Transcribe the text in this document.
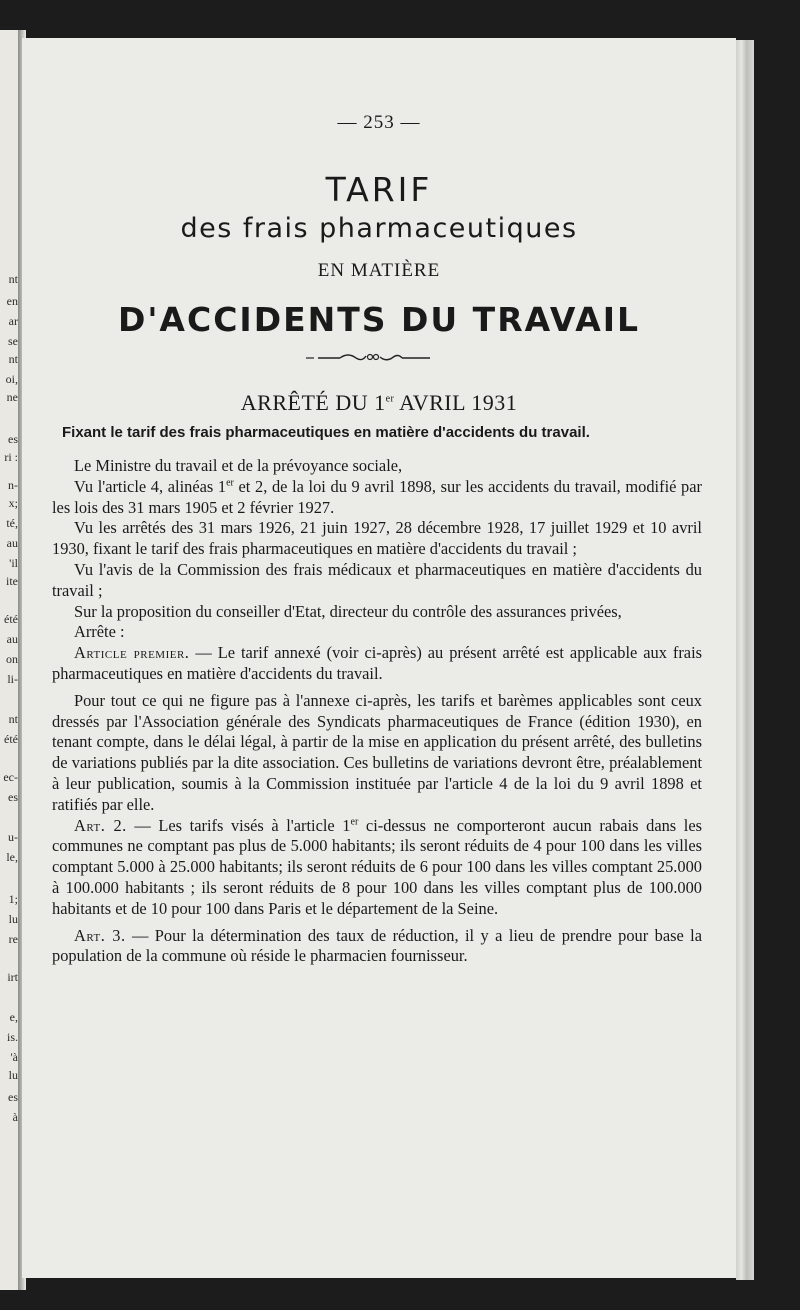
nt
en
ar
se
nt
oi,
ne
es
ri :
n-
x;
té,
au
'il
ite
été
au
on
li-
nt
été
ec-
es
u-
le,
1;
lu
re
irt
e,
is.
'à
lu
es
à
— 253 —
TARIF
des frais pharmaceutiques
EN MATIÈRE
D'ACCIDENTS DU TRAVAIL
ARRÊTÉ DU 1er AVRIL 1931
Fixant le tarif des frais pharmaceutiques en matière d'accidents du travail.

Le Ministre du travail et de la prévoyance sociale,

Vu l'article 4, alinéas 1er et 2, de la loi du 9 avril 1898, sur les accidents du travail, modifié par les lois des 31 mars 1905 et 2 février 1927.

Vu les arrêtés des 31 mars 1926, 21 juin 1927, 28 décembre 1928, 17 juillet 1929 et 10 avril 1930, fixant le tarif des frais pharmaceutiques en matière d'accidents du travail ;

Vu l'avis de la Commission des frais médicaux et pharmaceutiques en matière d'accidents du travail ;

Sur la proposition du conseiller d'Etat, directeur du contrôle des assurances privées,

Arrête :

Article premier. — Le tarif annexé (voir ci-après) au présent arrêté est applicable aux frais pharmaceutiques en matière d'accidents du travail.

Pour tout ce qui ne figure pas à l'annexe ci-après, les tarifs et barèmes applicables sont ceux dressés par l'Association générale des Syndicats pharmaceutiques de France (édition 1930), en tenant compte, dans le délai légal, à partir de la mise en application du présent arrêté, des bulletins de variations publiés par la dite association. Ces bulletins de variations devront être, préalablement à leur publication, soumis à la Commission instituée par l'article 4 de la loi du 9 avril 1898 et ratifiés par elle.

Art. 2. — Les tarifs visés à l'article 1er ci-dessus ne comporteront aucun rabais dans les communes ne comptant pas plus de 5.000 habitants; ils seront réduits de 4 pour 100 dans les villes comptant 5.000 à 25.000 habitants; ils seront réduits de 6 pour 100 dans les villes comptant 25.000 à 100.000 habitants ; ils seront réduits de 8 pour 100 dans les villes comptant plus de 100.000 habitants et de 10 pour 100 dans Paris et le département de la Seine.

Art. 3. — Pour la détermination des taux de réduction, il y a lieu de prendre pour base la population de la commune où réside le pharmacien fournisseur.
